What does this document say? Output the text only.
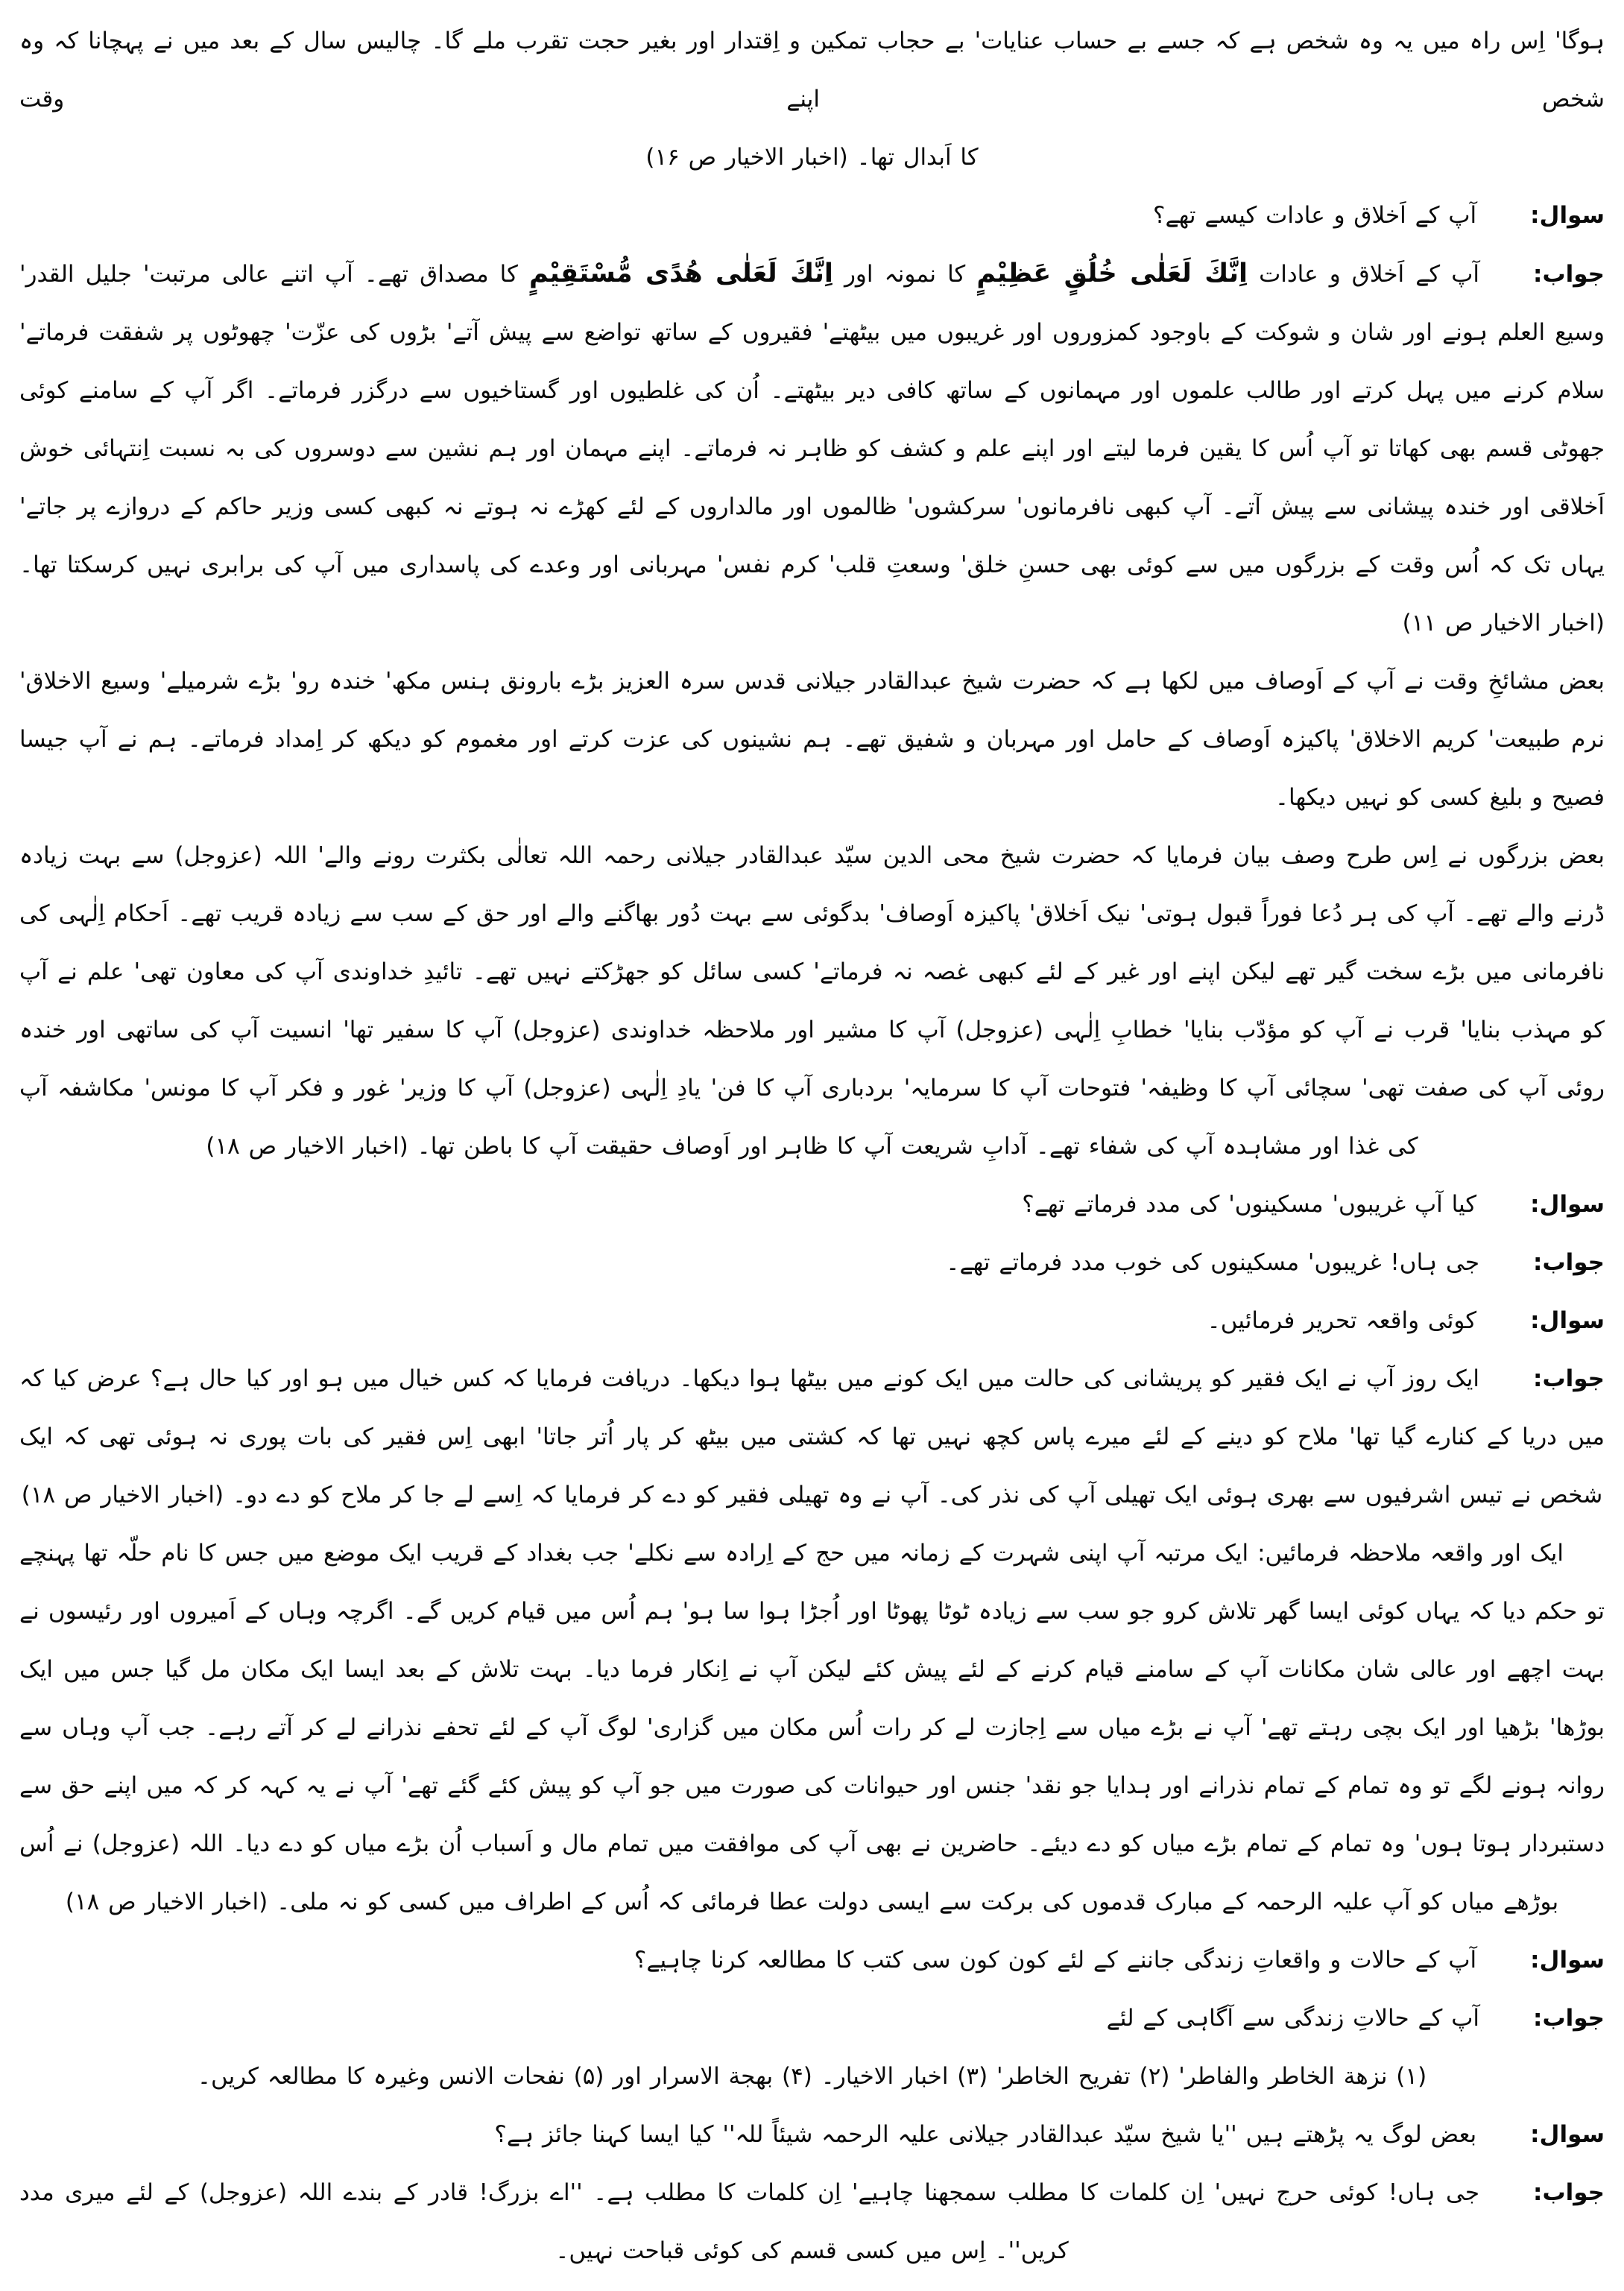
ہوگا' اِس راہ میں یہ وہ شخص ہے کہ جسے بے حساب عنایات' بے حجاب تمکین و اِقتدار اور بغیر حجت تقرب ملے گا۔ چالیس سال کے بعد میں نے پہچانا کہ وہ شخص اپنے وقت

کا اَبدال تھا۔ (اخبار الاخیار ص ۱۶)

سوال:آپ کے اَخلاق و عادات کیسے تھے؟

جواب:آپ کے اَخلاق و عادات اِنَّكَ لَعَلٰى خُلُقٍ عَظِيْمٍ کا نمونہ اور اِنَّكَ لَعَلٰى هُدًى مُّسْتَقِيْمٍ کا مصداق تھے۔ آپ اتنے عالی مرتبت' جلیل القدر' وسیع العلم ہونے اور شان و شوکت کے باوجود کمزوروں اور غریبوں میں بیٹھتے' فقیروں کے ساتھ تواضع سے پیش آتے' بڑوں کی عزّت' چھوٹوں پر شفقت فرماتے' سلام کرنے میں پہل کرتے اور طالب علموں اور مہمانوں کے ساتھ کافی دیر بیٹھتے۔ اُن کی غلطیوں اور گستاخیوں سے درگزر فرماتے۔ اگر آپ کے سامنے کوئی جھوٹی قسم بھی کھاتا تو آپ اُس کا یقین فرما لیتے اور اپنے علم و کشف کو ظاہر نہ فرماتے۔ اپنے مہمان اور ہم نشین سے دوسروں کی بہ نسبت اِنتہائی خوش اَخلاقی اور خندہ پیشانی سے پیش آتے۔ آپ کبھی نافرمانوں' سرکشوں' ظالموں اور مالداروں کے لئے کھڑے نہ ہوتے نہ کبھی کسی وزیر حاکم کے دروازے پر جاتے' یہاں تک کہ اُس وقت کے بزرگوں میں سے کوئی بھی حسنِ خلق' وسعتِ قلب' کرم نفس' مہربانی اور وعدے کی پاسداری میں آپ کی برابری نہیں کرسکتا تھا۔ (اخبار الاخیار ص ۱۱)

بعض مشائخِ وقت نے آپ کے اَوصاف میں لکھا ہے کہ حضرت شیخ عبدالقادر جیلانی قدس سرہ العزیز بڑے بارونق ہنس مکھ' خندہ رو' بڑے شرمیلے' وسیع الاخلاق' نرم طبیعت' کریم الاخلاق' پاکیزہ اَوصاف کے حامل اور مہربان و شفیق تھے۔ ہم نشینوں کی عزت کرتے اور مغموم کو دیکھ کر اِمداد فرماتے۔ ہم نے آپ جیسا فصیح و بلیغ کسی کو نہیں دیکھا۔

بعض بزرگوں نے اِس طرح وصف بیان فرمایا کہ حضرت شیخ محی الدین سیّد عبدالقادر جیلانی رحمہ اللہ تعالٰی بکثرت رونے والے' اللہ (عزوجل) سے بہت زیادہ ڈرنے والے تھے۔ آپ کی ہر دُعا فوراً قبول ہوتی' نیک اَخلاق' پاکیزہ اَوصاف' بدگوئی سے بہت دُور بھاگنے والے اور حق کے سب سے زیادہ قریب تھے۔ اَحکام اِلٰہی کی نافرمانی میں بڑے سخت گیر تھے لیکن اپنے اور غیر کے لئے کبھی غصہ نہ فرماتے' کسی سائل کو جھڑکتے نہیں تھے۔ تائیدِ خداوندی آپ کی معاون تھی' علم نے آپ کو مہذب بنایا' قرب نے آپ کو مؤدّب بنایا' خطابِ اِلٰہی (عزوجل) آپ کا مشیر اور ملاحظہ خداوندی (عزوجل) آپ کا سفیر تھا' انسیت آپ کی ساتھی اور خندہ روئی آپ کی صفت تھی' سچائی آپ کا وظیفہ' فتوحات آپ کا سرمایہ' بردباری آپ کا فن' یادِ اِلٰہی (عزوجل) آپ کا وزیر' غور و فکر آپ کا مونس' مکاشفہ آپ کی غذا اور مشاہدہ آپ کی شفاء تھے۔ آدابِ شریعت آپ کا ظاہر اور اَوصاف حقیقت آپ کا باطن تھا۔ (اخبار الاخیار ص ۱۸)

سوال:کیا آپ غریبوں' مسکینوں' کی مدد فرماتے تھے؟

جواب:جی ہاں! غریبوں' مسکینوں کی خوب مدد فرماتے تھے۔

سوال:کوئی واقعہ تحریر فرمائیں۔

جواب:ایک روز آپ نے ایک فقیر کو پریشانی کی حالت میں ایک کونے میں بیٹھا ہوا دیکھا۔ دریافت فرمایا کہ کس خیال میں ہو اور کیا حال ہے؟ عرض کیا کہ میں دریا کے کنارے گیا تھا' ملاح کو دینے کے لئے میرے پاس کچھ نہیں تھا کہ کشتی میں بیٹھ کر پار اُتر جاتا' ابھی اِس فقیر کی بات پوری نہ ہوئی تھی کہ ایک شخص نے تیس اشرفیوں سے بھری ہوئی ایک تھیلی آپ کی نذر کی۔ آپ نے وہ تھیلی فقیر کو دے کر فرمایا کہ اِسے لے جا کر ملاح کو دے دو۔ (اخبار الاخیار ص ۱۸)

ایک اور واقعہ ملاحظہ فرمائیں: ایک مرتبہ آپ اپنی شہرت کے زمانہ میں حج کے اِرادہ سے نکلے' جب بغداد کے قریب ایک موضع میں جس کا نام حلّہ تھا پہنچے تو حکم دیا کہ یہاں کوئی ایسا گھر تلاش کرو جو سب سے زیادہ ٹوٹا پھوٹا اور اُجڑا ہوا سا ہو' ہم اُس میں قیام کریں گے۔ اگرچہ وہاں کے اَمیروں اور رئیسوں نے بہت اچھے اور عالی شان مکانات آپ کے سامنے قیام کرنے کے لئے پیش کئے لیکن آپ نے اِنکار فرما دیا۔ بہت تلاش کے بعد ایسا ایک مکان مل گیا جس میں ایک بوڑھا' بڑھیا اور ایک بچی رہتے تھے' آپ نے بڑے میاں سے اِجازت لے کر رات اُس مکان میں گزاری' لوگ آپ کے لئے تحفے نذرانے لے کر آتے رہے۔ جب آپ وہاں سے روانہ ہونے لگے تو وہ تمام کے تمام نذرانے اور ہدایا جو نقد' جنس اور حیوانات کی صورت میں جو آپ کو پیش کئے گئے تھے' آپ نے یہ کہہ کر کہ میں اپنے حق سے دستبردار ہوتا ہوں' وہ تمام کے تمام بڑے میاں کو دے دیئے۔ حاضرین نے بھی آپ کی موافقت میں تمام مال و اَسباب اُن بڑے میاں کو دے دیا۔ اللہ (عزوجل) نے اُس بوڑھے میاں کو آپ علیہ الرحمہ کے مبارک قدموں کی برکت سے ایسی دولت عطا فرمائی کہ اُس کے اطراف میں کسی کو نہ ملی۔ (اخبار الاخیار ص ۱۸)

سوال:آپ کے حالات و واقعاتِ زندگی جاننے کے لئے کون کون سی کتب کا مطالعہ کرنا چاہیے؟

جواب:آپ کے حالاتِ زندگی سے آگاہی کے لئے

(۱) نزهة الخاطر والفاطر' (۲) تفریح الخاطر' (۳) اخبار الاخیار۔ (۴) بهجة الاسرار اور (۵) نفحات الانس وغیرہ کا مطالعہ کریں۔

سوال:بعض لوگ یہ پڑھتے ہیں ''یا شیخ سیّد عبدالقادر جیلانی علیہ الرحمہ شیئاً للہ'' کیا ایسا کہنا جائز ہے؟

جواب:جی ہاں! کوئی حرج نہیں' اِن کلمات کا مطلب سمجھنا چاہیے' اِن کلمات کا مطلب ہے۔ ''اے بزرگ! قادر کے بندے اللہ (عزوجل) کے لئے میری مدد کریں''۔ اِس میں کسی قسم کی کوئی قباحت نہیں۔
